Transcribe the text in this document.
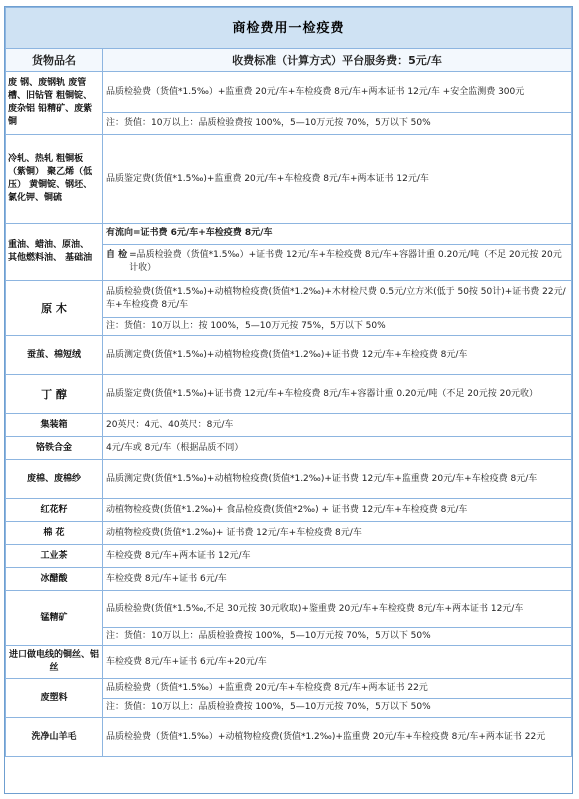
商检费用一检疫费	
货物品名	收费标准（计算方式）平台服务费：5元/车
废 钢、废钢轨 废管槽、旧钻管 粗铜锭、废杂铝 铅精矿、废紫铜	品质检验费（货值*1.5‰）+监重费 20元/车+车检疫费 8元/车+两本证书 12元/车 +安全监测费 300元
	注：货值：10万以上：品质检验费按 100%，5—10万元按 70%，5万以下 50%
冷轧、热轧 粗铜板（紫铜） 聚乙烯（低压） 黄铜锭、钢坯、 氯化钾、铜硫	品质鉴定费(货值*1.5‰)+监重费 20元/车+车检疫费 8元/车+两本证书 12元/车
重油、蜡油、原油、 其他燃料油、 基础油	有流向=证书费 6元/车+车检疫费 8元/车

	自 检 =品质检验费（货值*1.5‰）+证书费 12元/车+车检疫费 8元/车+容器计重 0.20元/吨（不足 20元按 20元计收）

原 木	品质检验费(货值*1.5‰)+动植物检疫费(货值*1.2‰)+木材检尺费 0.5元/立方米(低于 50按 50计)+证书费 22元/车+车检疫费 8元/车
	注：货值：10万以上：按 100%，5—10万元按 75%，5万以下 50%
蚕茧、棉短绒	品质测定费(货值*1.5‰)+动植物检疫费(货值*1.2‰)+证书费 12元/车+车检疫费 8元/车
丁 醇	品质鉴定费(货值*1.5‰)+证书费 12元/车+车检疫费 8元/车+容器计重 0.20元/吨（不足 20元按 20元收）
集装箱	20英尺：4元、40英尺：8元/车
铬铁合金	4元/车或 8元/车（根据品质不同）
废棉、废棉纱	品质测定费(货值*1.5‰)+动植物检疫费(货值*1.2‰)+证书费 12元/车+监重费 20元/车+车检疫费 8元/车
红花籽	动植物检疫费(货值*1.2‰)+ 食品检疫费(货值*2‰) + 证书费 12元/车+车检疫费 8元/车
棉 花	动植物检疫费(货值*1.2‰)+ 证书费 12元/车+车检疫费 8元/车
工业茶	车检疫费 8元/车+两本证书 12元/车
冰醋酸	车检疫费 8元/车+证书 6元/车
锰精矿	品质检验费(货值*1.5‰,不足 30元按 30元收取)+鉴重费 20元/车+车检疫费 8元/车+两本证书 12元/车
	注：货值：10万以上：品质检验费按 100%，5—10万元按 70%，5万以下 50%
进口做电线的铜丝、铝丝	车检疫费 8元/车+证书 6元/车+20元/车
废塑料	品质检验费（货值*1.5‰）+监重费 20元/车+车检疫费 8元/车+两本证书 22元
	注：货值：10万以上：品质检验费按 100%，5—10万元按 70%，5万以下 50%
洗净山羊毛	品质检验费（货值*1.5‰）+动植物检疫费(货值*1.2‰)+监重费 20元/车+车检疫费 8元/车+两本证书 22元
